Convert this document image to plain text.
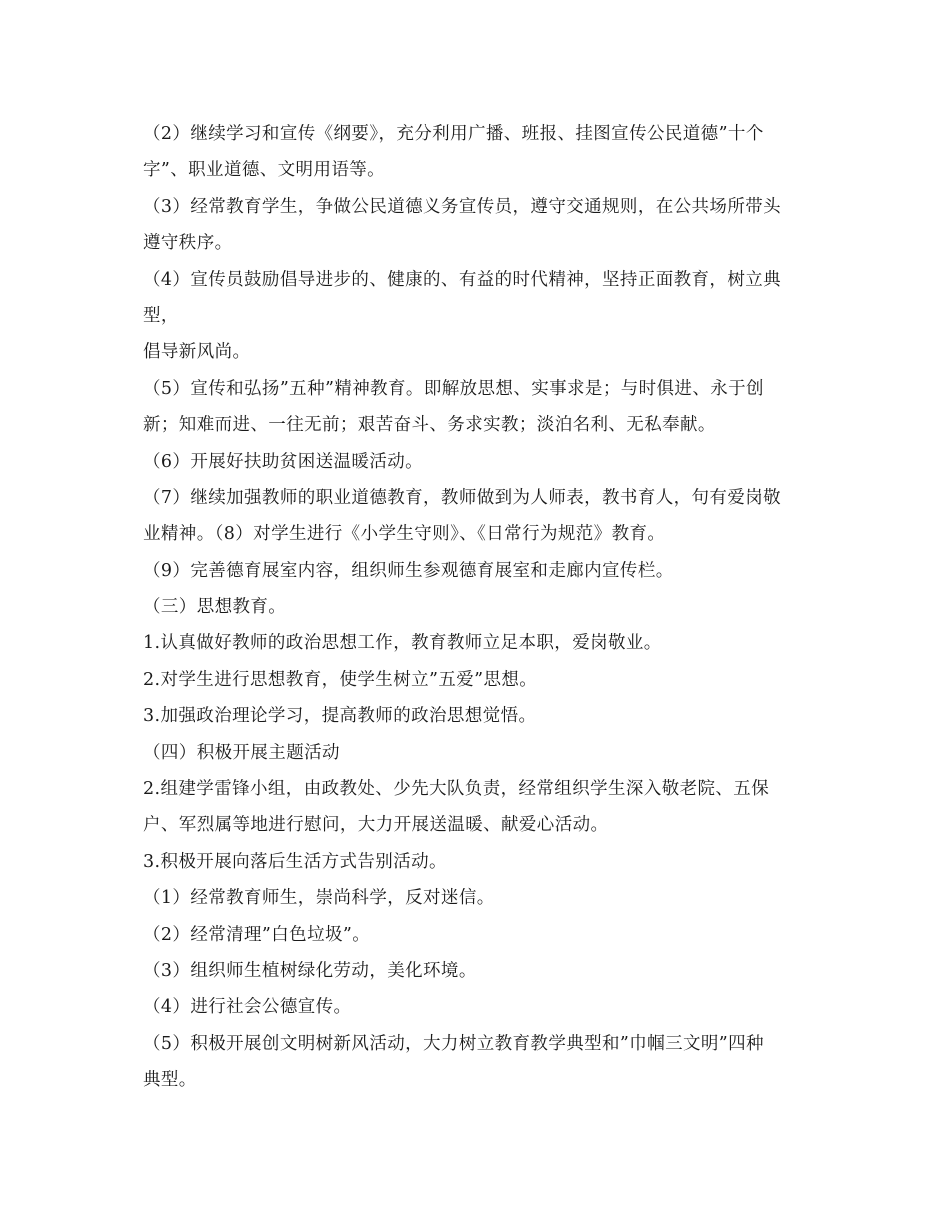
（2）继续学习和宣传《纲要》，充分利用广播、班报、挂图宣传公民道德”十个
字”、职业道德、文明用语等。
（3）经常教育学生，争做公民道德义务宣传员，遵守交通规则，在公共场所带头
遵守秩序。
（4）宣传员鼓励倡导进步的、健康的、有益的时代精神，坚持正面教育，树立典
型，
倡导新风尚。
（5）宣传和弘扬”五种”精神教育。即解放思想、实事求是；与时俱进、永于创
新；知难而进、一往无前；艰苦奋斗、务求实教；淡泊名利、无私奉献。
（6）开展好扶助贫困送温暖活动。
（7）继续加强教师的职业道德教育，教师做到为人师表，教书育人，句有爱岗敬
业精神。（8）对学生进行《小学生守则》、《日常行为规范》教育。
（9）完善德育展室内容，组织师生参观德育展室和走廊内宣传栏。
（三）思想教育。
1.认真做好教师的政治思想工作，教育教师立足本职，爱岗敬业。
2.对学生进行思想教育，使学生树立”五爱”思想。
3.加强政治理论学习，提高教师的政治思想觉悟。
（四）积极开展主题活动
2.组建学雷锋小组，由政教处、少先大队负责，经常组织学生深入敬老院、五保
户、军烈属等地进行慰问，大力开展送温暖、献爱心活动。
3.积极开展向落后生活方式告别活动。
（1）经常教育师生，崇尚科学，反对迷信。
（2）经常清理”白色垃圾”。
（3）组织师生植树绿化劳动，美化环境。
（4）进行社会公德宣传。
（5）积极开展创文明树新风活动，大力树立教育教学典型和”巾帼三文明”四种
典型。
